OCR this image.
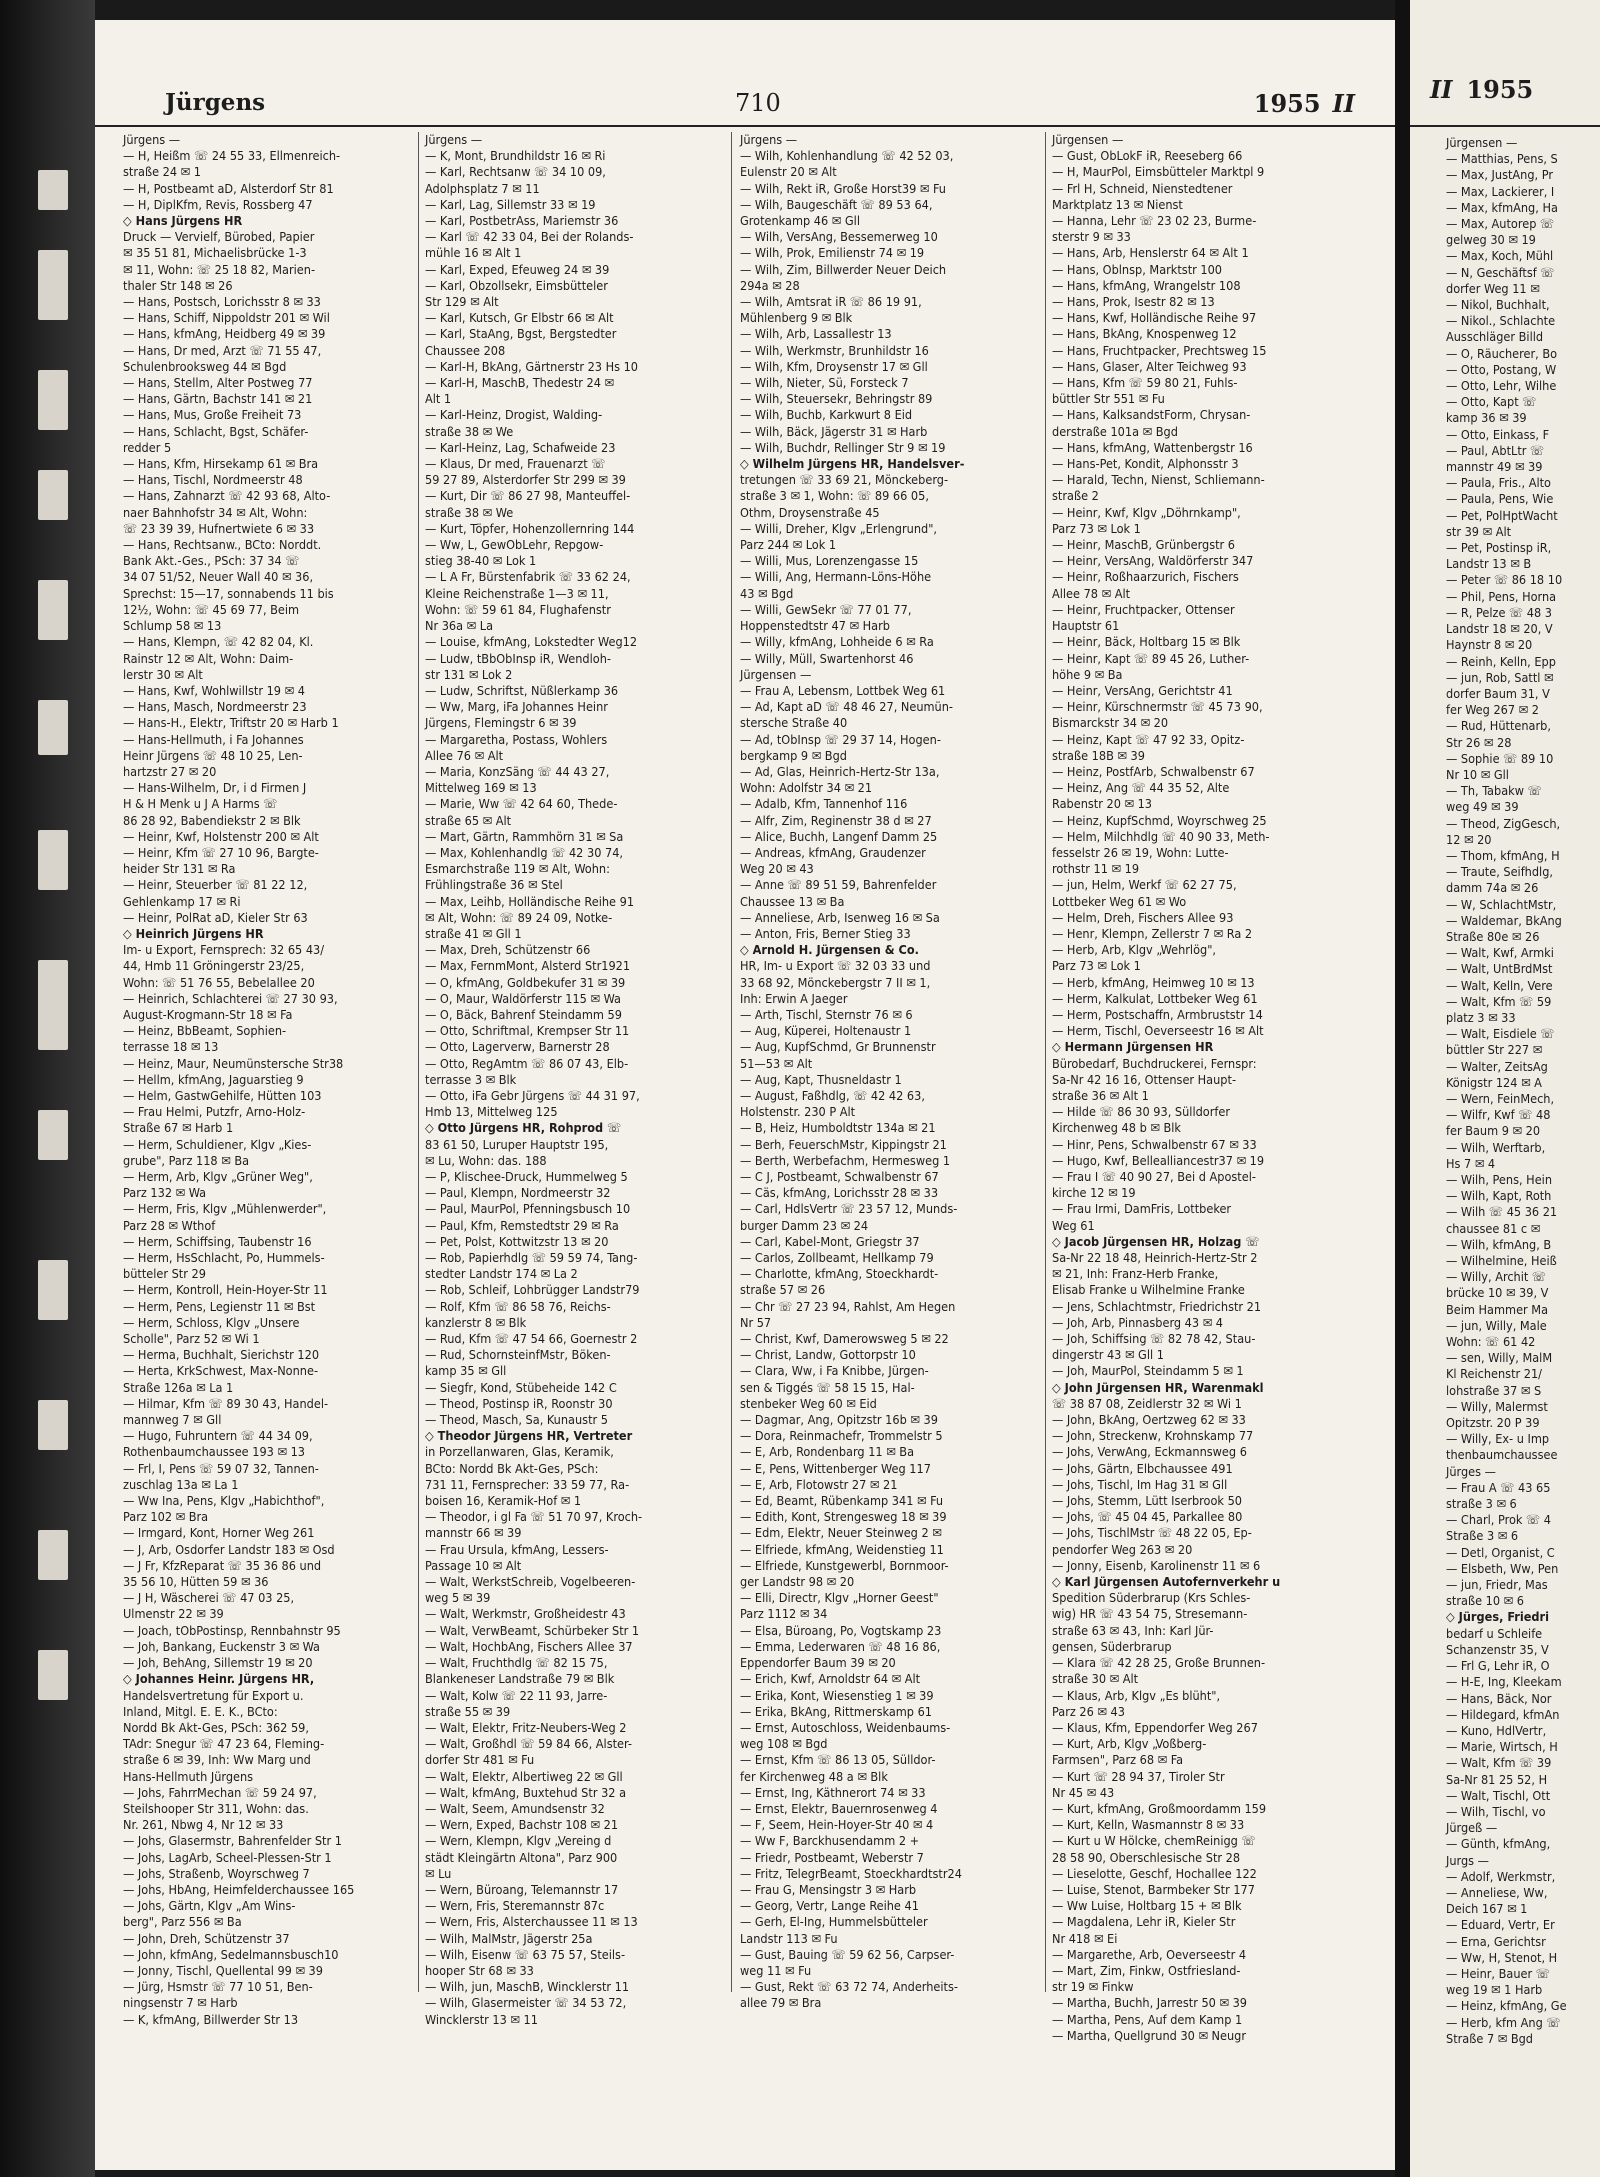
Jürgens	710	1955 II
Jürgens —
— H, Heißm ☏ 24 55 33, Ellmenreich-
straße 24 ✉ 1
— H, Postbeamt aD, Alsterdorf Str 81
— H, DiplKfm, Revis, Rossberg 47
◇ Hans Jürgens HR
Druck — Vervielf, Bürobed, Papier
✉ 35 51 81, Michaelisbrücke 1-3
✉ 11, Wohn: ☏ 25 18 82, Marien-
thaler Str 148 ✉ 26
— Hans, Postsch, Lorichsstr 8 ✉ 33
— Hans, Schiff, Nippoldstr 201 ✉ Wil
— Hans, kfmAng, Heidberg 49 ✉ 39
— Hans, Dr med, Arzt ☏ 71 55 47,
Schulenbrooksweg 44 ✉ Bgd
— Hans, Stellm, Alter Postweg 77
— Hans, Gärtn, Bachstr 141 ✉ 21
— Hans, Mus, Große Freiheit 73
— Hans, Schlacht, Bgst, Schäfer-
redder 5
— Hans, Kfm, Hirsekamp 61 ✉ Bra
— Hans, Tischl, Nordmeerstr 48
— Hans, Zahnarzt ☏ 42 93 68, Alto-
naer Bahnhofstr 34 ✉ Alt, Wohn:
☏ 23 39 39, Hufnertwiete 6 ✉ 33
— Hans, Rechtsanw., BCto: Norddt.
Bank Akt.-Ges., PSch: 37 34 ☏
34 07 51/52, Neuer Wall 40 ✉ 36,
Sprechst: 15—17, sonnabends 11 bis
12½, Wohn: ☏ 45 69 77, Beim
Schlump 58 ✉ 13
— Hans, Klempn, ☏ 42 82 04, Kl.
Rainstr 12 ✉ Alt, Wohn: Daim-
lerstr 30 ✉ Alt
— Hans, Kwf, Wohlwillstr 19 ✉ 4
— Hans, Masch, Nordmeerstr 23
— Hans-H., Elektr, Triftstr 20 ✉ Harb 1
— Hans-Hellmuth, i Fa Johannes
Heinr Jürgens ☏ 48 10 25, Len-
hartzstr 27 ✉ 20
— Hans-Wilhelm, Dr, i d Firmen J
H & H Menk u J A Harms ☏
86 28 92, Babendiekstr 2 ✉ Blk
— Heinr, Kwf, Holstenstr 200 ✉ Alt
— Heinr, Kfm ☏ 27 10 96, Bargte-
heider Str 131 ✉ Ra
— Heinr, Steuerber ☏ 81 22 12,
Gehlenkamp 17 ✉ Ri
— Heinr, PolRat aD, Kieler Str 63
◇ Heinrich Jürgens HR
Im- u Export, Fernsprech: 32 65 43/
44, Hmb 11 Gröningerstr 23/25,
Wohn: ☏ 51 76 55, Bebelallee 20
— Heinrich, Schlachterei ☏ 27 30 93,
August-Krogmann-Str 18 ✉ Fa
— Heinz, BbBeamt, Sophien-
terrasse 18 ✉ 13
— Heinz, Maur, Neumünstersche Str38
— Hellm, kfmAng, Jaguarstieg 9
— Helm, GastwGehilfe, Hütten 103
— Frau Helmi, Putzfr, Arno-Holz-
Straße 67 ✉ Harb 1
— Herm, Schuldiener, Klgv „Kies-
grube", Parz 118 ✉ Ba
— Herm, Arb, Klgv „Grüner Weg",
Parz 132 ✉ Wa
— Herm, Fris, Klgv „Mühlenwerder",
Parz 28 ✉ Wthof
— Herm, Schiffsing, Taubenstr 16
— Herm, HsSchlacht, Po, Hummels-
bütteler Str 29
— Herm, Kontroll, Hein-Hoyer-Str 11
— Herm, Pens, Legienstr 11 ✉ Bst
— Herm, Schloss, Klgv „Unsere
Scholle", Parz 52 ✉ Wi 1
— Herma, Buchhalt, Sierichstr 120
— Herta, KrkSchwest, Max-Nonne-
Straße 126a ✉ La 1
— Hilmar, Kfm ☏ 89 30 43, Handel-
mannweg 7 ✉ Gll
— Hugo, Fuhruntern ☏ 44 34 09,
Rothenbaumchaussee 193 ✉ 13
— Frl, I, Pens ☏ 59 07 32, Tannen-
zuschlag 13a ✉ La 1
— Ww Ina, Pens, Klgv „Habichthof",
Parz 102 ✉ Bra
— Irmgard, Kont, Horner Weg 261
— J, Arb, Osdorfer Landstr 183 ✉ Osd
— J Fr, KfzReparat ☏ 35 36 86 und
35 56 10, Hütten 59 ✉ 36
— J H, Wäscherei ☏ 47 03 25,
Ulmenstr 22 ✉ 39
— Joach, tObPostinsp, Rennbahnstr 95
— Joh, Bankang, Euckenstr 3 ✉ Wa
— Joh, BehAng, Sillemstr 19 ✉ 20
◇ Johannes Heinr. Jürgens HR,
Handelsvertretung für Export u.
Inland, Mitgl. E. E. K., BCto:
Nordd Bk Akt-Ges, PSch: 362 59,
TAdr: Snegur ☏ 47 23 64, Fleming-
straße 6 ✉ 39, Inh: Ww Marg und
Hans-Hellmuth Jürgens
— Johs, FahrrMechan ☏ 59 24 97,
Steilshooper Str 311, Wohn: das.
Nr. 261, Nbwg 4, Nr 12 ✉ 33
— Johs, Glasermstr, Bahrenfelder Str 1
— Johs, LagArb, Scheel-Plessen-Str 1
— Johs, Straßenb, Woyrschweg 7
— Johs, HbAng, Heimfelderchaussee 165
— Johs, Gärtn, Klgv „Am Wins-
berg", Parz 556 ✉ Ba
— John, Dreh, Schützenstr 37
— John, kfmAng, Sedelmannsbusch10
— Jonny, Tischl, Quellental 99 ✉ 39
— Jürg, Hsmstr ☏ 77 10 51, Ben-
ningsenstr 7 ✉ Harb
— K, kfmAng, Billwerder Str 13
Jürgens —
— K, Mont, Brundhildstr 16 ✉ Ri
— Karl, Rechtsanw ☏ 34 10 09,
Adolphsplatz 7 ✉ 11
— Karl, Lag, Sillemstr 33 ✉ 19
— Karl, PostbetrAss, Mariemstr 36
— Karl ☏ 42 33 04, Bei der Rolands-
mühle 16 ✉ Alt 1
— Karl, Exped, Efeuweg 24 ✉ 39
— Karl, Obzollsekr, Eimsbütteler
Str 129 ✉ Alt
— Karl, Kutsch, Gr Elbstr 66 ✉ Alt
— Karl, StaAng, Bgst, Bergstedter
Chaussee 208
— Karl-H, BkAng, Gärtnerstr 23 Hs 10
— Karl-H, MaschB, Thedestr 24 ✉
Alt 1
— Karl-Heinz, Drogist, Walding-
straße 38 ✉ We
— Karl-Heinz, Lag, Schafweide 23
— Klaus, Dr med, Frauenarzt ☏
59 27 89, Alsterdorfer Str 299 ✉ 39
— Kurt, Dir ☏ 86 27 98, Manteuffel-
straße 38 ✉ We
— Kurt, Töpfer, Hohenzollernring 144
— Ww, L, GewObLehr, Repgow-
stieg 38-40 ✉ Lok 1
— L A Fr, Bürstenfabrik ☏ 33 62 24,
Kleine Reichenstraße 1—3 ✉ 11,
Wohn: ☏ 59 61 84, Flughafenstr
Nr 36a ✉ La
— Louise, kfmAng, Lokstedter Weg12
— Ludw, tBbObInsp iR, Wendloh-
str 131 ✉ Lok 2
— Ludw, Schriftst, Nüßlerkamp 36
— Ww, Marg, iFa Johannes Heinr
Jürgens, Flemingstr 6 ✉ 39
— Margaretha, Postass, Wohlers
Allee 76 ✉ Alt
— Maria, KonzSäng ☏ 44 43 27,
Mittelweg 169 ✉ 13
— Marie, Ww ☏ 42 64 60, Thede-
straße 65 ✉ Alt
— Mart, Gärtn, Rammhörn 31 ✉ Sa
— Max, Kohlenhandlg ☏ 42 30 74,
Esmarchstraße 119 ✉ Alt, Wohn:
Frühlingstraße 36 ✉ Stel
— Max, Leihb, Holländische Reihe 91
✉ Alt, Wohn: ☏ 89 24 09, Notke-
straße 41 ✉ Gll 1
— Max, Dreh, Schützenstr 66
— Max, FernmMont, Alsterd Str1921
— O, kfmAng, Goldbekufer 31 ✉ 39
— O, Maur, Waldörferstr 115 ✉ Wa
— O, Bäck, Bahrenf Steindamm 59
— Otto, Schriftmal, Krempser Str 11
— Otto, Lagerverw, Barnerstr 28
— Otto, RegAmtm ☏ 86 07 43, Elb-
terrasse 3 ✉ Blk
— Otto, iFa Gebr Jürgens ☏ 44 31 97,
Hmb 13, Mittelweg 125
◇ Otto Jürgens HR, Rohprod ☏
83 61 50, Luruper Hauptstr 195,
✉ Lu, Wohn: das. 188
— P, Klischee-Druck, Hummelweg 5
— Paul, Klempn, Nordmeerstr 32
— Paul, MaurPol, Pfenningsbusch 10
— Paul, Kfm, Remstedtstr 29 ✉ Ra
— Pet, Polst, Kottwitzstr 13 ✉ 20
— Rob, Papierhdlg ☏ 59 59 74, Tang-
stedter Landstr 174 ✉ La 2
— Rob, Schleif, Lohbrügger Landstr79
— Rolf, Kfm ☏ 86 58 76, Reichs-
kanzlerstr 8 ✉ Blk
— Rud, Kfm ☏ 47 54 66, Goernestr 2
— Rud, SchornsteinfMstr, Böken-
kamp 35 ✉ Gll
— Siegfr, Kond, Stübeheide 142 C
— Theod, Postinsp iR, Roonstr 30
— Theod, Masch, Sa, Kunaustr 5
◇ Theodor Jürgens HR, Vertreter
in Porzellanwaren, Glas, Keramik,
BCto: Nordd Bk Akt-Ges, PSch:
731 11, Fernsprecher: 33 59 77, Ra-
boisen 16, Keramik-Hof ✉ 1
— Theodor, i gl Fa ☏ 51 70 97, Kroch-
mannstr 66 ✉ 39
— Frau Ursula, kfmAng, Lessers-
Passage 10 ✉ Alt
— Walt, WerkstSchreib, Vogelbeeren-
weg 5 ✉ 39
— Walt, Werkmstr, Großheidestr 43
— Walt, VerwBeamt, Schürbeker Str 1
— Walt, HochbAng, Fischers Allee 37
— Walt, Fruchthdlg ☏ 82 15 75,
Blankeneser Landstraße 79 ✉ Blk
— Walt, Kolw ☏ 22 11 93, Jarre-
straße 55 ✉ 39
— Walt, Elektr, Fritz-Neubers-Weg 2
— Walt, Großhdl ☏ 59 84 66, Alster-
dorfer Str 481 ✉ Fu
— Walt, Elektr, Albertiweg 22 ✉ Gll
— Walt, kfmAng, Buxtehud Str 32 a
— Walt, Seem, Amundsenstr 32
— Wern, Exped, Bachstr 108 ✉ 21
— Wern, Klempn, Klgv „Vereing d
städt Kleingärtn Altona", Parz 900
✉ Lu
— Wern, Büroang, Telemannstr 17
— Wern, Fris, Steremannstr 87c
— Wern, Fris, Alsterchaussee 11 ✉ 13
— Wilh, MalMstr, Jägerstr 25a
— Wilh, Eisenw ☏ 63 75 57, Steils-
hooper Str 68 ✉ 33
— Wilh, jun, MaschB, Wincklerstr 11
— Wilh, Glasermeister ☏ 34 53 72,
Wincklerstr 13 ✉ 11
Jürgens —
— Wilh, Kohlenhandlung ☏ 42 52 03,
Eulenstr 20 ✉ Alt
— Wilh, Rekt iR, Große Horst39 ✉ Fu
— Wilh, Baugeschäft ☏ 89 53 64,
Grotenkamp 46 ✉ Gll
— Wilh, VersAng, Bessemerweg 10
— Wilh, Prok, Emilienstr 74 ✉ 19
— Wilh, Zim, Billwerder Neuer Deich
294a ✉ 28
— Wilh, Amtsrat iR ☏ 86 19 91,
Mühlenberg 9 ✉ Blk
— Wilh, Arb, Lassallestr 13
— Wilh, Werkmstr, Brunhildstr 16
— Wilh, Kfm, Droysenstr 17 ✉ Gll
— Wilh, Nieter, Sü, Forsteck 7
— Wilh, Steuersekr, Behringstr 89
— Wilh, Buchb, Karkwurt 8 Eid
— Wilh, Bäck, Jägerstr 31 ✉ Harb
— Wilh, Buchdr, Rellinger Str 9 ✉ 19
◇ Wilhelm Jürgens HR, Handelsver-
tretungen ☏ 33 69 21, Mönckeberg-
straße 3 ✉ 1, Wohn: ☏ 89 66 05,
Othm, Droysenstraße 45
— Willi, Dreher, Klgv „Erlengrund",
Parz 244 ✉ Lok 1
— Willi, Mus, Lorenzengasse 15
— Willi, Ang, Hermann-Löns-Höhe
43 ✉ Bgd
— Willi, GewSekr ☏ 77 01 77,
Hoppenstedtstr 47 ✉ Harb
— Willy, kfmAng, Lohheide 6 ✉ Ra
— Willy, Müll, Swartenhorst 46
Jürgensen —
— Frau A, Lebensm, Lottbek Weg 61
— Ad, Kapt aD ☏ 48 46 27, Neumün-
stersche Straße 40
— Ad, tObInsp ☏ 29 37 14, Hogen-
bergkamp 9 ✉ Bgd
— Ad, Glas, Heinrich-Hertz-Str 13a,
Wohn: Adolfstr 34 ✉ 21
— Adalb, Kfm, Tannenhof 116
— Alfr, Zim, Reginenstr 38 d ✉ 27
— Alice, Buchh, Langenf Damm 25
— Andreas, kfmAng, Graudenzer
Weg 20 ✉ 43
— Anne ☏ 89 51 59, Bahrenfelder
Chaussee 13 ✉ Ba
— Anneliese, Arb, Isenweg 16 ✉ Sa
— Anton, Fris, Berner Stieg 33
◇ Arnold H. Jürgensen & Co.
HR, Im- u Export ☏ 32 03 33 und
33 68 92, Mönckebergstr 7 II ✉ 1,
Inh: Erwin A Jaeger
— Arth, Tischl, Sternstr 76 ✉ 6
— Aug, Küperei, Holtenaustr 1
— Aug, KupfSchmd, Gr Brunnenstr
51—53 ✉ Alt
— Aug, Kapt, Thusneldastr 1
— August, Faßhdlg, ☏ 42 42 63,
Holstenstr. 230 P Alt
— B, Heiz, Humboldtstr 134a ✉ 21
— Berh, FeuerschMstr, Kippingstr 21
— Berth, Werbefachm, Hermesweg 1
— C J, Postbeamt, Schwalbenstr 67
— Cäs, kfmAng, Lorichsstr 28 ✉ 33
— Carl, HdlsVertr ☏ 23 57 12, Munds-
burger Damm 23 ✉ 24
— Carl, Kabel-Mont, Griegstr 37
— Carlos, Zollbeamt, Hellkamp 79
— Charlotte, kfmAng, Stoeckhardt-
straße 57 ✉ 26
— Chr ☏ 27 23 94, Rahlst, Am Hegen
Nr 57
— Christ, Kwf, Damerowsweg 5 ✉ 22
— Christ, Landw, Gottorpstr 10
— Clara, Ww, i Fa Knibbe, Jürgen-
sen & Tiggés ☏ 58 15 15, Hal-
stenbeker Weg 60 ✉ Eid
— Dagmar, Ang, Opitzstr 16b ✉ 39
— Dora, Reinmachefr, Trommelstr 5
— E, Arb, Rondenbarg 11 ✉ Ba
— E, Pens, Wittenberger Weg 117
— E, Arb, Flotowstr 27 ✉ 21
— Ed, Beamt, Rübenkamp 341 ✉ Fu
— Edith, Kont, Strengesweg 18 ✉ 39
— Edm, Elektr, Neuer Steinweg 2 ✉
— Elfriede, kfmAng, Weidenstieg 11
— Elfriede, Kunstgewerbl, Bornmoor-
ger Landstr 98 ✉ 20
— Elli, Directr, Klgv „Horner Geest"
Parz 1112 ✉ 34
— Elsa, Büroang, Po, Vogtskamp 23
— Emma, Lederwaren ☏ 48 16 86,
Eppendorfer Baum 39 ✉ 20
— Erich, Kwf, Arnoldstr 64 ✉ Alt
— Erika, Kont, Wiesenstieg 1 ✉ 39
— Erika, BkAng, Rittmerskamp 61
— Ernst, Autoschloss, Weidenbaums-
weg 108 ✉ Bgd
— Ernst, Kfm ☏ 86 13 05, Sülldor-
fer Kirchenweg 48 a ✉ Blk
— Ernst, Ing, Käthnerort 74 ✉ 33
— Ernst, Elektr, Bauernrosenweg 4
— F, Seem, Hein-Hoyer-Str 40 ✉ 4
— Ww F, Barckhusendamm 2 +
— Friedr, Postbeamt, Weberstr 7
— Fritz, TelegrBeamt, Stoeckhardtstr24
— Frau G, Mensingstr 3 ✉ Harb
— Georg, Vertr, Lange Reihe 41
— Gerh, El-Ing, Hummelsbütteler
Landstr 113 ✉ Fu
— Gust, Bauing ☏ 59 62 56, Carpser-
weg 11 ✉ Fu
— Gust, Rekt ☏ 63 72 74, Anderheits-
allee 79 ✉ Bra
Jürgensen —
— Gust, ObLokF iR, Reeseberg 66
— H, MaurPol, Eimsbütteler Marktpl 9
— Frl H, Schneid, Nienstedtener
Marktplatz 13 ✉ Nienst
— Hanna, Lehr ☏ 23 02 23, Burme-
sterstr 9 ✉ 33
— Hans, Arb, Henslerstr 64 ✉ Alt 1
— Hans, Oblnsp, Marktstr 100
— Hans, kfmAng, Wrangelstr 108
— Hans, Prok, Isestr 82 ✉ 13
— Hans, Kwf, Holländische Reihe 97
— Hans, BkAng, Knospenweg 12
— Hans, Fruchtpacker, Prechtsweg 15
— Hans, Glaser, Alter Teichweg 93
— Hans, Kfm ☏ 59 80 21, Fuhls-
büttler Str 551 ✉ Fu
— Hans, KalksandstForm, Chrysan-
derstraße 101a ✉ Bgd
— Hans, kfmAng, Wattenbergstr 16
— Hans-Pet, Kondit, Alphonsstr 3
— Harald, Techn, Nienst, Schliemann-
straße 2
— Heinr, Kwf, Klgv „Döhrnkamp",
Parz 73 ✉ Lok 1
— Heinr, MaschB, Grünbergstr 6
— Heinr, VersAng, Waldörferstr 347
— Heinr, Roßhaarzurich, Fischers
Allee 78 ✉ Alt
— Heinr, Fruchtpacker, Ottenser
Hauptstr 61
— Heinr, Bäck, Holtbarg 15 ✉ Blk
— Heinr, Kapt ☏ 89 45 26, Luther-
höhe 9 ✉ Ba
— Heinr, VersAng, Gerichtstr 41
— Heinr, Kürschnermstr ☏ 45 73 90,
Bismarckstr 34 ✉ 20
— Heinz, Kapt ☏ 47 92 33, Opitz-
straße 18B ✉ 39
— Heinz, PostfArb, Schwalbenstr 67
— Heinz, Ang ☏ 44 35 52, Alte
Rabenstr 20 ✉ 13
— Heinz, KupfSchmd, Woyrschweg 25
— Helm, Milchhdlg ☏ 40 90 33, Meth-
fesselstr 26 ✉ 19, Wohn: Lutte-
rothstr 11 ✉ 19
— jun, Helm, Werkf ☏ 62 27 75,
Lottbeker Weg 61 ✉ Wo
— Helm, Dreh, Fischers Allee 93
— Henr, Klempn, Zellerstr 7 ✉ Ra 2
— Herb, Arb, Klgv „Wehrlög",
Parz 73 ✉ Lok 1
— Herb, kfmAng, Heimweg 10 ✉ 13
— Herm, Kalkulat, Lottbeker Weg 61
— Herm, Postschaffn, Armbruststr 14
— Herm, Tischl, Oeverseestr 16 ✉ Alt
◇ Hermann Jürgensen HR
Bürobedarf, Buchdruckerei, Fernspr:
Sa-Nr 42 16 16, Ottenser Haupt-
straße 36 ✉ Alt 1
— Hilde ☏ 86 30 93, Sülldorfer
Kirchenweg 48 b ✉ Blk
— Hinr, Pens, Schwalbenstr 67 ✉ 33
— Hugo, Kwf, Bellealliancestr37 ✉ 19
— Frau I ☏ 40 90 27, Bei d Apostel-
kirche 12 ✉ 19
— Frau Irmi, DamFris, Lottbeker
Weg 61
◇ Jacob Jürgensen HR, Holzag ☏
Sa-Nr 22 18 48, Heinrich-Hertz-Str 2
✉ 21, Inh: Franz-Herb Franke,
Elisab Franke u Wilhelmine Franke
— Jens, Schlachtmstr, Friedrichstr 21
— Joh, Arb, Pinnasberg 43 ✉ 4
— Joh, Schiffsing ☏ 82 78 42, Stau-
dingerstr 43 ✉ Gll 1
— Joh, MaurPol, Steindamm 5 ✉ 1
◇ John Jürgensen HR, Warenmakl
☏ 38 87 08, Zeidlerstr 32 ✉ Wi 1
— John, BkAng, Oertzweg 62 ✉ 33
— John, Streckenw, Krohnskamp 77
— Johs, VerwAng, Eckmannsweg 6
— Johs, Gärtn, Elbchaussee 491
— Johs, Tischl, Im Hag 31 ✉ Gll
— Johs, Stemm, Lütt Iserbrook 50
— Johs, ☏ 45 04 45, Parkallee 80
— Johs, TischlMstr ☏ 48 22 05, Ep-
pendorfer Weg 263 ✉ 20
— Jonny, Eisenb, Karolinenstr 11 ✉ 6
◇ Karl Jürgensen Autofernverkehr u
Spedition Süderbrarup (Krs Schles-
wig) HR ☏ 43 54 75, Stresemann-
straße 63 ✉ 43, Inh: Karl Jür-
gensen, Süderbrarup
— Klara ☏ 42 28 25, Große Brunnen-
straße 30 ✉ Alt
— Klaus, Arb, Klgv „Es blüht",
Parz 26 ✉ 43
— Klaus, Kfm, Eppendorfer Weg 267
— Kurt, Arb, Klgv „Voßberg-
Farmsen", Parz 68 ✉ Fa
— Kurt ☏ 28 94 37, Tiroler Str
Nr 45 ✉ 43
— Kurt, kfmAng, Großmoordamm 159
— Kurt, Kelln, Wasmannstr 8 ✉ 33
— Kurt u W Hölcke, chemReinigg ☏
28 58 90, Oberschlesische Str 28
— Lieselotte, Geschf, Hochallee 122
— Luise, Stenot, Barmbeker Str 177
— Ww Luise, Holtbarg 15 + ✉ Blk
— Magdalena, Lehr iR, Kieler Str
Nr 418 ✉ Ei
— Margarethe, Arb, Oeverseestr 4
— Mart, Zim, Finkw, Ostfriesland-
str 19 ✉ Finkw
— Martha, Buchh, Jarrestr 50 ✉ 39
— Martha, Pens, Auf dem Kamp 1
— Martha, Quellgrund 30 ✉ Neugr
II 1955
Jürgensen —
— Matthias, Pens, S
— Max, JustAng, Pr
— Max, Lackierer, I
— Max, kfmAng, Ha
— Max, Autorep ☏
gelweg 30 ✉ 19
— Max, Koch, Mühl
— N, Geschäftsf ☏
dorfer Weg 11 ✉
— Nikol, Buchhalt,
— Nikol., Schlachte
Ausschläger Billd
— O, Räucherer, Bo
— Otto, Postang, W
— Otto, Lehr, Wilhe
— Otto, Kapt ☏
kamp 36 ✉ 39
— Otto, Einkass, F
— Paul, AbtLtr ☏
mannstr 49 ✉ 39
— Paula, Fris., Alto
— Paula, Pens, Wie
— Pet, PolHptWacht
str 39 ✉ Alt
— Pet, Postinsp iR,
Landstr 13 ✉ B
— Peter ☏ 86 18 10
— Phil, Pens, Horna
— R, Pelze ☏ 48 3
Landstr 18 ✉ 20, V
Haynstr 8 ✉ 20
— Reinh, Kelln, Epp
— jun, Rob, Sattl ✉
dorfer Baum 31, V
fer Weg 267 ✉ 2
— Rud, Hüttenarb,
Str 26 ✉ 28
— Sophie ☏ 89 10
Nr 10 ✉ Gll
— Th, Tabakw ☏
weg 49 ✉ 39
— Theod, ZigGesch,
12 ✉ 20
— Thom, kfmAng, H
— Traute, Seifhdlg,
damm 74a ✉ 26
— W, SchlachtMstr,
— Waldemar, BkAng
Straße 80e ✉ 26
— Walt, Kwf, Armki
— Walt, UntBrdMst
— Walt, Kelln, Vere
— Walt, Kfm ☏ 59
platz 3 ✉ 33
— Walt, Eisdiele ☏
büttler Str 227 ✉
— Walter, ZeitsAg
Königstr 124 ✉ A
— Wern, FeinMech,
— Wilfr, Kwf ☏ 48
fer Baum 9 ✉ 20
— Wilh, Werftarb,
Hs 7 ✉ 4
— Wilh, Pens, Hein
— Wilh, Kapt, Roth
— Wilh ☏ 45 36 21
chaussee 81 c ✉
— Wilh, kfmAng, B
— Wilhelmine, Heiß
— Willy, Archit ☏
brücke 10 ✉ 39, V
Beim Hammer Ma
— jun, Willy, Male
Wohn: ☏ 61 42
— sen, Willy, MalM
Kl Reichenstr 21/
lohstraße 37 ✉ S
— Willy, Malermst
Opitzstr. 20 P 39
— Willy, Ex- u Imp
thenbaumchaussee
Jürges —
— Frau A ☏ 43 65
straße 3 ✉ 6
— Charl, Prok ☏ 4
Straße 3 ✉ 6
— Detl, Organist, C
— Elsbeth, Ww, Pen
— jun, Friedr, Mas
straße 10 ✉ 6
◇ Jürges, Friedri
bedarf u Schleife
Schanzenstr 35, V
— Frl G, Lehr iR, O
— H-E, Ing, Kleekam
— Hans, Bäck, Nor
— Hildegard, kfmAn
— Kuno, HdlVertr,
— Marie, Wirtsch, H
— Walt, Kfm ☏ 39
Sa-Nr 81 25 52, H
— Walt, Tischl, Ott
— Wilh, Tischl, vo
Jürgeß —
— Günth, kfmAng,
Jurgs —
— Adolf, Werkmstr,
— Anneliese, Ww,
Deich 167 ✉ 1
— Eduard, Vertr, Er
— Erna, Gerichtsr
— Ww, H, Stenot, H
— Heinr, Bauer ☏
weg 19 ✉ 1 Harb
— Heinz, kfmAng, Ge
— Herb, kfm Ang ☏
Straße 7 ✉ Bgd
